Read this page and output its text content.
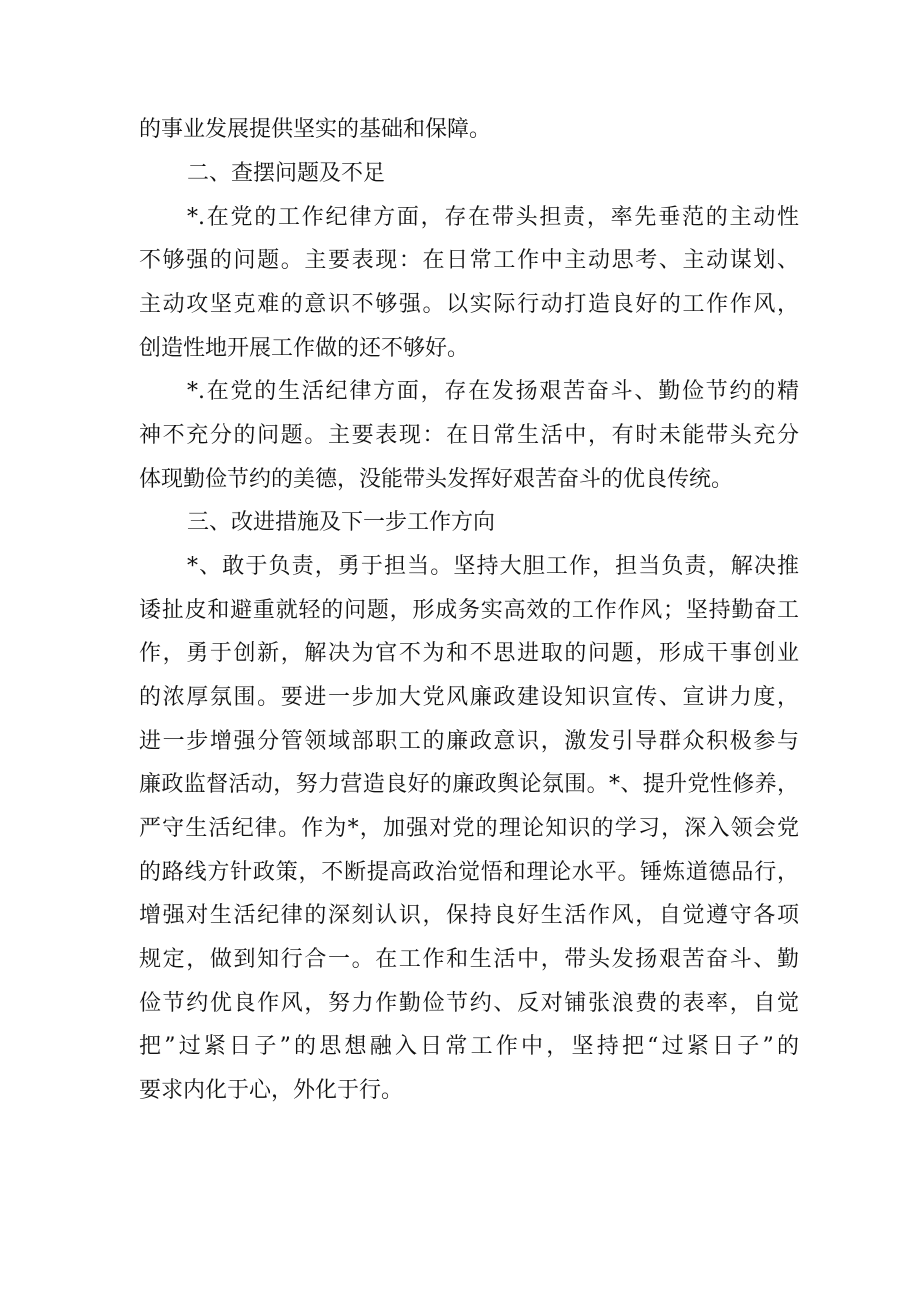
的事业发展提供坚实的基础和保障。
二、查摆问题及不足
*.在党的工作纪律方面，存在带头担责，率先垂范的主动性
不够强的问题。主要表现：在日常工作中主动思考、主动谋划、
主动攻坚克难的意识不够强。以实际行动打造良好的工作作风，
创造性地开展工作做的还不够好。
*.在党的生活纪律方面，存在发扬艰苦奋斗、勤俭节约的精
神不充分的问题。主要表现：在日常生活中，有时未能带头充分
体现勤俭节约的美德，没能带头发挥好艰苦奋斗的优良传统。
三、改进措施及下一步工作方向
*、敢于负责，勇于担当。坚持大胆工作，担当负责，解决推
诿扯皮和避重就轻的问题，形成务实高效的工作作风；坚持勤奋工
作，勇于创新，解决为官不为和不思进取的问题，形成干事创业
的浓厚氛围。要进一步加大党风廉政建设知识宣传、宣讲力度，
进一步增强分管领域部职工的廉政意识，激发引导群众积极参与
廉政监督活动，努力营造良好的廉政舆论氛围。*、提升党性修养，
严守生活纪律。作为*，加强对党的理论知识的学习，深入领会党
的路线方针政策，不断提高政治觉悟和理论水平。锤炼道德品行，
增强对生活纪律的深刻认识，保持良好生活作风，自觉遵守各项
规定，做到知行合一。在工作和生活中，带头发扬艰苦奋斗、勤
俭节约优良作风，努力作勤俭节约、反对铺张浪费的表率，自觉
把”过紧日子”的思想融入日常工作中，坚持把“过紧日子”的
要求内化于心，外化于行。
